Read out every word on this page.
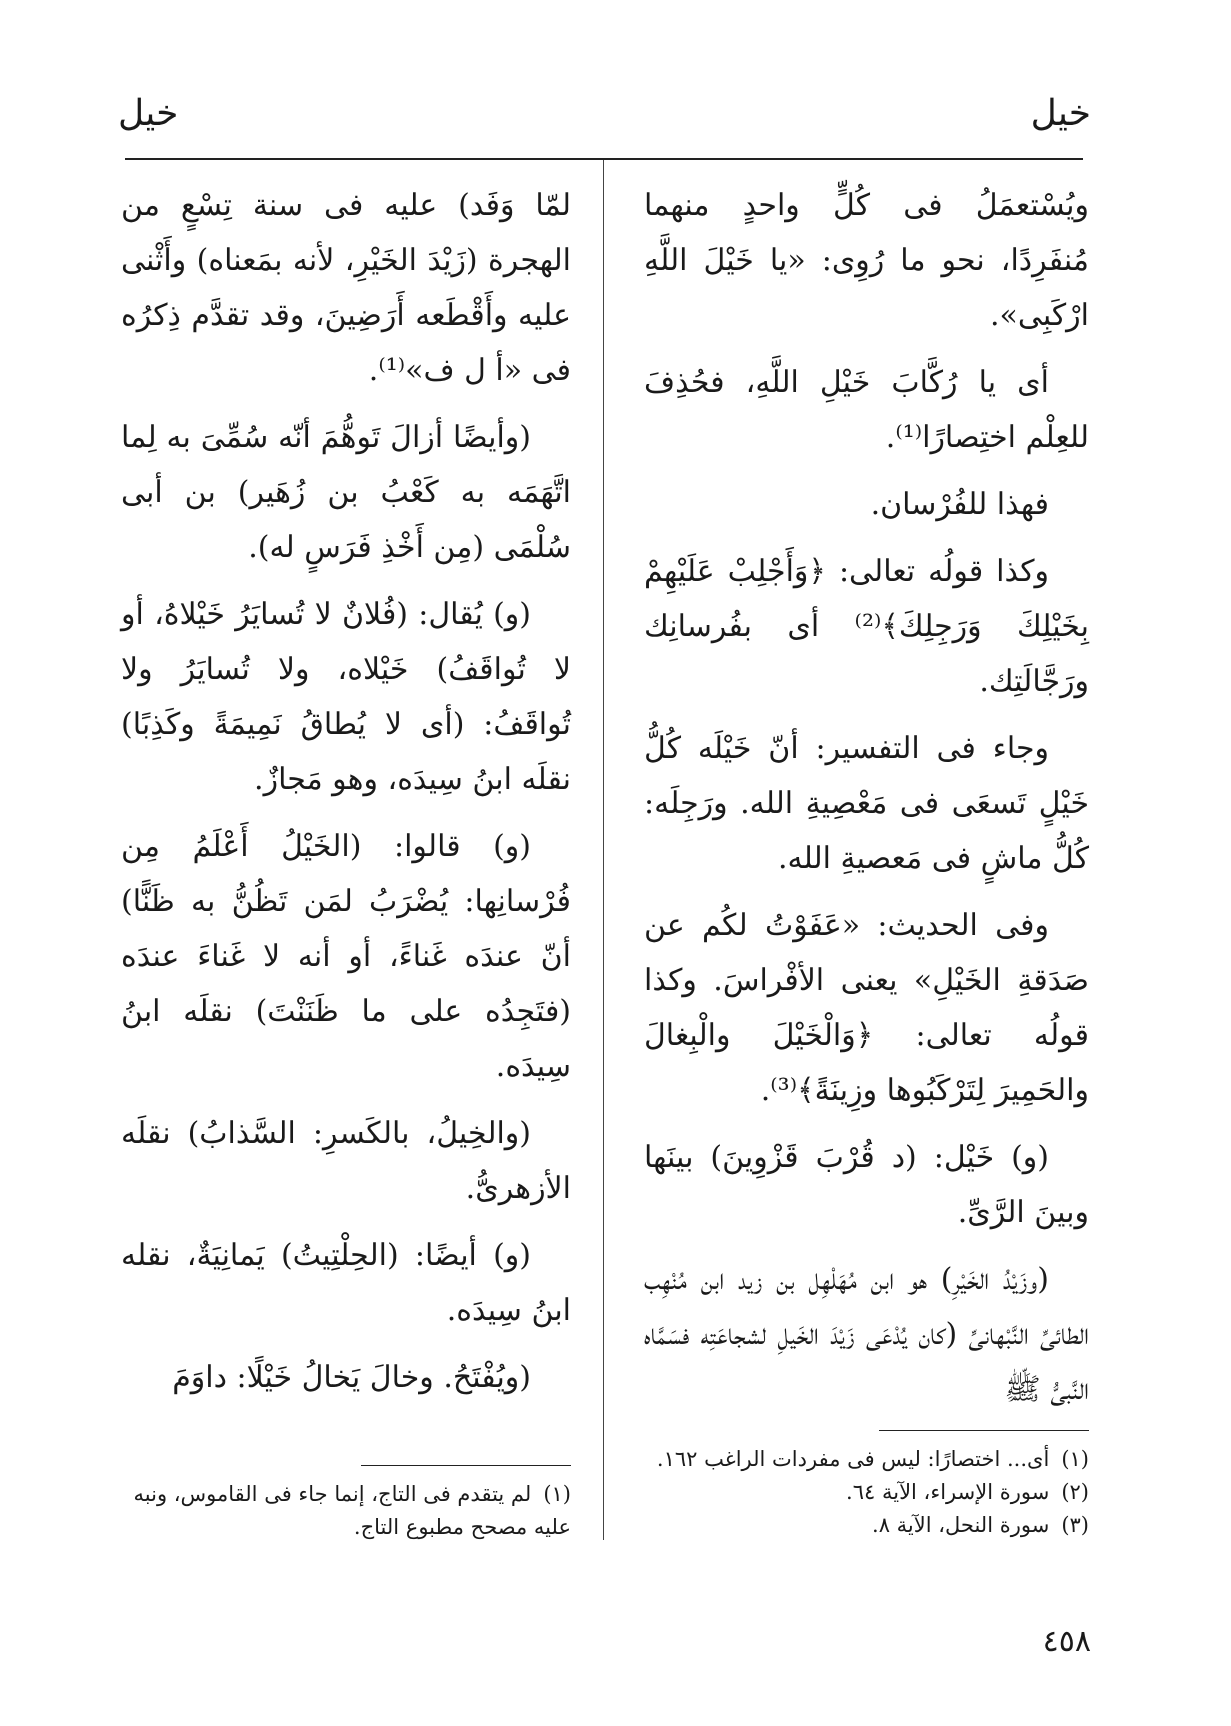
خيل
خيل

ويُسْتعمَلُ فى كُلٍّ واحدٍ منهما مُنفَرِدًا، نحو ما رُوِى: «يا خَيْلَ اللَّهِ ارْكَبِى».

أى يا رُكَّابَ خَيْلِ اللَّهِ، فحُذِفَ للعِلْم اختِصارًا⁽¹⁾.

فهذا للفُرْسان.

وكذا قولُه تعالى: ﴿وَأَجْلِبْ عَلَيْهِمْ بِخَيْلِكَ وَرَجِلِكَ﴾⁽²⁾ أى بفُرسانِك ورَجَّالَتِك.

وجاء فى التفسير: أنّ خَيْلَه كُلُّ خَيْلٍ تَسعَى فى مَعْصِيةِ الله. ورَجِلَه: كُلُّ ماشٍ فى مَعصيةِ الله.

وفى الحديث: «عَفَوْتُ لكُم عن صَدَقةِ الخَيْلِ» يعنى الأفْراسَ. وكذا قولُه تعالى: ﴿وَالْخَيْلَ والْبِغالَ والحَمِيرَ لِتَرْكَبُوها وزِينَةً﴾⁽³⁾.

(و) خَيْل: (د قُرْبَ قَزْوِينَ) بينَها وبينَ الرَّىِّ.

(وزَيْدُ الخَيْرِ) هو ابن مُهَلْهِل بن زيد ابن مُنْهِب الطائىِّ النَّبْهانىِّ (كان يُدْعَى زَيْدَ الخَيلِ لشجاعَتِه فسَمَّاه النَّبىُّ ﷺ

لمّا وَفَد) عليه فى سنة تِسْعٍ من الهجرة (زَيْدَ الخَيْرِ، لأنه بمَعناه) وأَثْنى عليه وأَقْطَعه أَرَضِينَ، وقد تقدَّم ذِكرُه فى «أ ل ف»⁽¹⁾.

(وأيضًا أزالَ تَوهُّمَ أنّه سُمِّىَ به لِما اتَّهَمَه به كَعْبُ بن زُهَير) بن أبى سُلْمَى (مِن أَخْذِ فَرَسٍ له).

(و) يُقال: (فُلانٌ لا تُسايَرُ خَيْلاهُ، أو لا تُواقَفُ) خَيْلاه، ولا تُسايَرُ ولا تُواقَفُ: (أى لا يُطاقُ نَمِيمَةً وكَذِبًا) نقلَه ابنُ سِيدَه، وهو مَجازٌ.

(و) قالوا: (الخَيْلُ أَعْلَمُ مِن فُرْسانِها: يُضْرَبُ لمَن تَظُنُّ به ظَنًّا) أنّ عندَه غَناءً، أو أنه لا غَناءَ عندَه (فتَجِدُه على ما ظَنَنْتَ) نقلَه ابنُ سِيدَه.

(والخِيلُ، بالكَسرِ: السَّذابُ) نقلَه الأزهرىُّ.

(و) أيضًا: (الحِلْتِيتُ) يَمانِيَةٌ، نقله ابنُ سِيدَه.

(ويُفْتَحُ. وخالَ يَخالُ خَيْلًا: داوَمَ

(١)أى... اختصارًا: ليس فى مفردات الراغب ١٦٢.

(٢)سورة الإسراء، الآية ٦٤.

(٣)سورة النحل، الآية ٨.

(١)لم يتقدم فى التاج، إنما جاء فى القاموس، ونبه عليه مصحح مطبوع التاج.

٤٥٨
